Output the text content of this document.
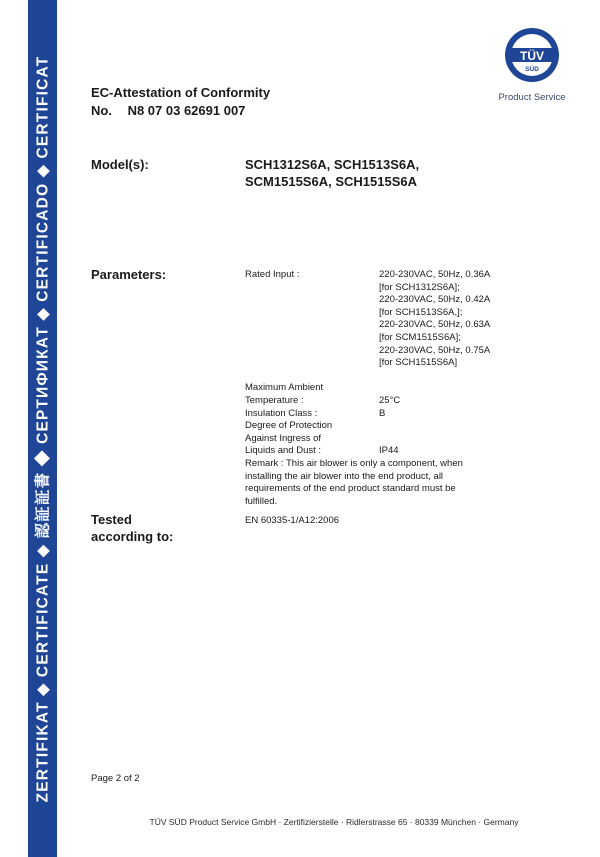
ZERTIFIKAT ◆ CERTIFICATE ◆ 認証証書 ◆ СЕРТИФИКАТ ◆ CERTIFICADO ◆ CERTIFICAT	TÜV
SÜD
Product Service
EC-Attestation of Conformity
No. N8 07 03 62691 007
Model(s):	SCH1312S6A, SCH1513S6A,
SCM1515S6A, SCH1515S6A
Parameters:	Rated Input :	220-230VAC, 50Hz, 0.36A
[for SCH1312S6A];
220-230VAC, 50Hz, 0.42A
[for SCH1513S6A,];
220-230VAC, 50Hz, 0.63A
[for SCM1515S6A];
220-230VAC, 50Hz, 0.75A
[for SCH1515S6A]
Maximum Ambient
Temperature :	25°C
Insulation Class :	B
Degree of Protection
Against Ingress of
Liquids and Dust :	IP44
Remark : This air blower is only a component, when
installing the air blower into the end product, all
requirements of the end product standard must be
fulfilled.
Tested
according to:
EN 60335-1/A12:2006
Page 2 of 2
TÜV SÜD Product Service GmbH · Zertifizierstelle · Ridlerstrasse 65 · 80339 München · Germany
